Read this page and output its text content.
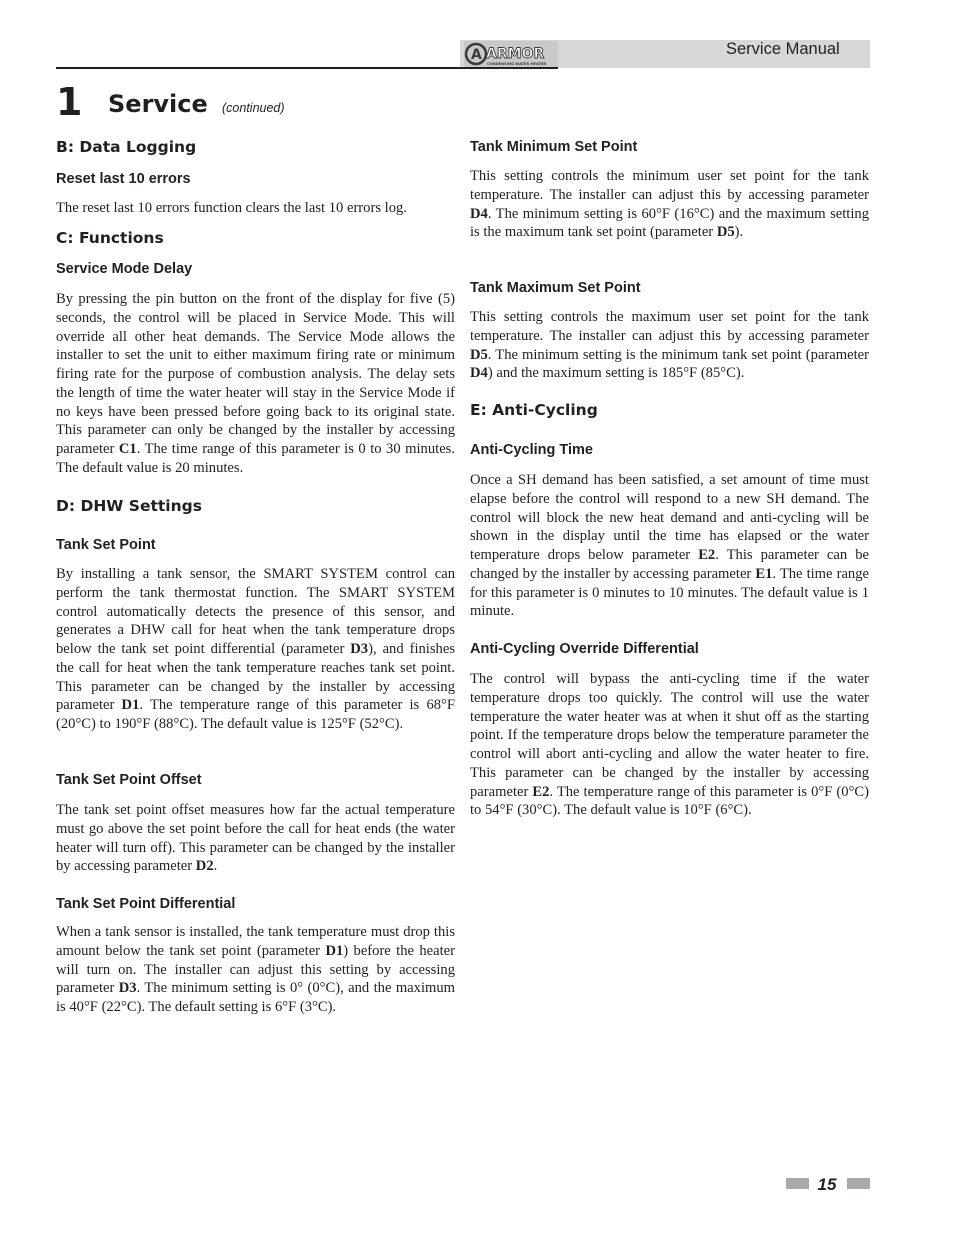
A ARMOR
CONDENSING WATER HEATER
Service Manual
1 Service (continued)
B: Data Logging
Reset last 10 errors

The reset last 10 errors function clears the last 10 errors log.

C: Functions
Service Mode Delay

By pressing the pin button on the front of the display for five (5) seconds, the control will be placed in Service Mode. This will override all other heat demands. The Service Mode allows the installer to set the unit to either maximum firing rate or minimum firing rate for the purpose of combustion analysis. The delay sets the length of time the water heater will stay in the Service Mode if no keys have been pressed before going back to its original state. This parameter can only be changed by the installer by accessing parameter C1. The time range of this parameter is 0 to 30 minutes. The default value is 20 minutes.

D: DHW Settings
Tank Set Point

By installing a tank sensor, the SMART SYSTEM control can perform the tank thermostat function. The SMART SYSTEM control automatically detects the presence of this sensor, and generates a DHW call for heat when the tank temperature drops below the tank set point differential (parameter D3), and finishes the call for heat when the tank temperature reaches tank set point. This parameter can be changed by the installer by accessing parameter D1. The temperature range of this parameter is 68°F (20°C) to 190°F (88°C). The default value is 125°F (52°C).

Tank Set Point Offset

The tank set point offset measures how far the actual temperature must go above the set point before the call for heat ends (the water heater will turn off). This parameter can be changed by the installer by accessing parameter D2.

Tank Set Point Differential

When a tank sensor is installed, the tank temperature must drop this amount below the tank set point (parameter D1) before the heater will turn on. The installer can adjust this setting by accessing parameter D3. The minimum setting is 0° (0°C), and the maximum is 40°F (22°C). The default setting is 6°F (3°C).

Tank Minimum Set Point

This setting controls the minimum user set point for the tank temperature. The installer can adjust this by accessing parameter D4. The minimum setting is 60°F (16°C) and the maximum setting is the maximum tank set point (parameter D5).

Tank Maximum Set Point

This setting controls the maximum user set point for the tank temperature. The installer can adjust this by accessing parameter D5. The minimum setting is the minimum tank set point (parameter D4) and the maximum setting is 185°F (85°C).

E: Anti-Cycling
Anti-Cycling Time

Once a SH demand has been satisfied, a set amount of time must elapse before the control will respond to a new SH demand. The control will block the new heat demand and anti-cycling will be shown in the display until the time has elapsed or the water temperature drops below parameter E2. This parameter can be changed by the installer by accessing parameter E1. The time range for this parameter is 0 minutes to 10 minutes. The default value is 1 minute.

Anti-Cycling Override Differential

The control will bypass the anti-cycling time if the water temperature drops too quickly. The control will use the water temperature the water heater was at when it shut off as the starting point. If the temperature drops below the temperature parameter the control will abort anti-cycling and allow the water heater to fire. This parameter can be changed by the installer by accessing parameter E2. The temperature range of this parameter is 0°F (0°C) to 54°F (30°C). The default value is 10°F (6°C).

15
